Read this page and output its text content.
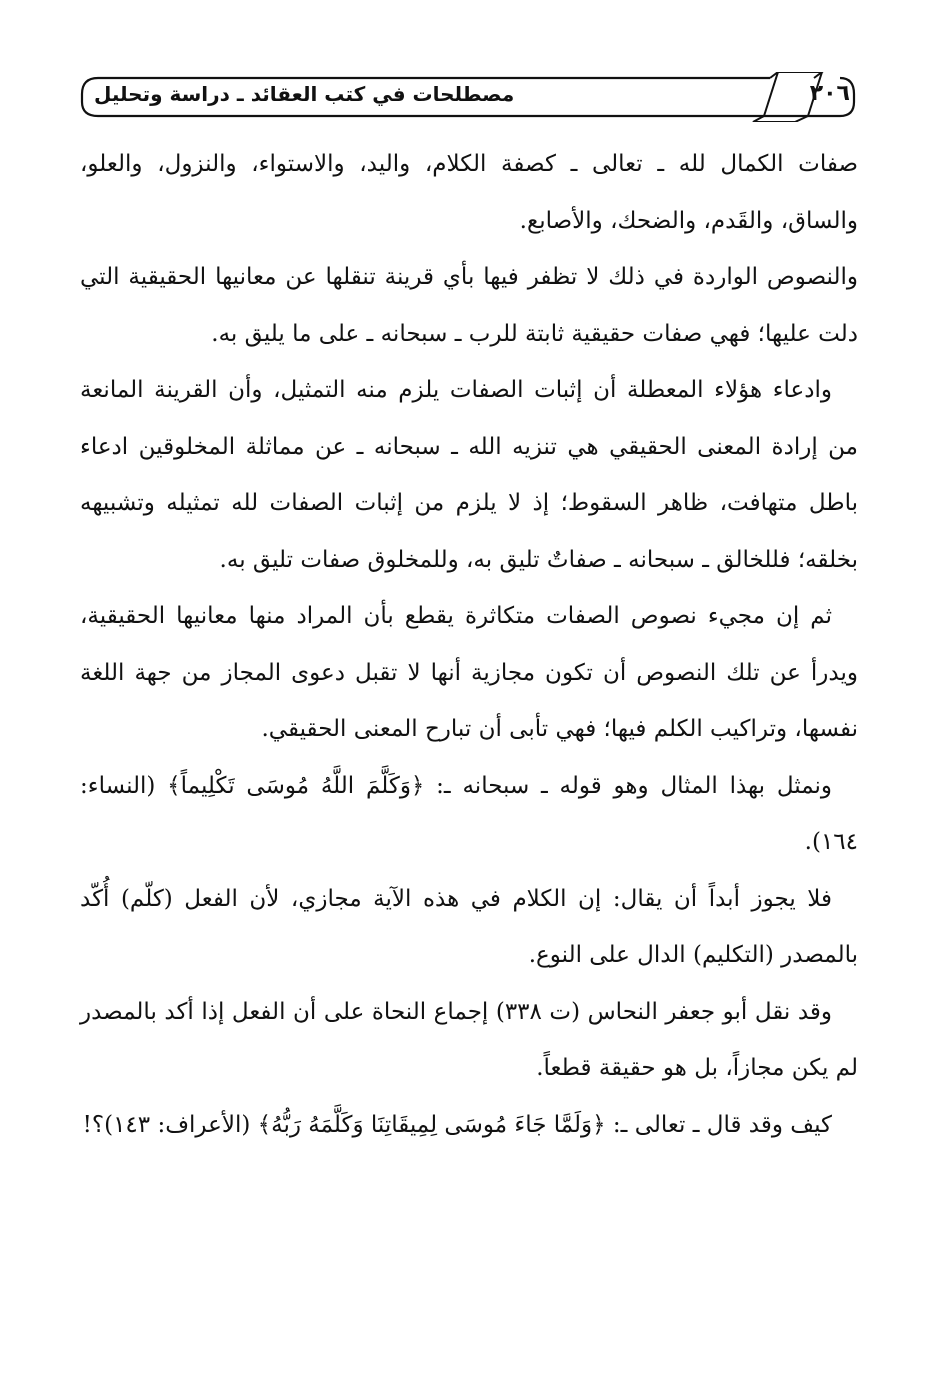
مصطلحات في كتب العقائد ـ دراسة وتحليل	٢٠٦

صفات الكمال لله ـ تعالى ـ كصفة الكلام، واليد، والاستواء، والنزول، والعلو، والساق، والقَدم، والضحك، والأصابع.

والنصوص الواردة في ذلك لا تظفر فيها بأي قرينة تنقلها عن معانيها الحقيقية التي دلت عليها؛ فهي صفات حقيقية ثابتة للرب ـ سبحانه ـ على ما يليق به.

وادعاء هؤلاء المعطلة أن إثبات الصفات يلزم منه التمثيل، وأن القرينة المانعة من إرادة المعنى الحقيقي هي تنزيه الله ـ سبحانه ـ عن مماثلة المخلوقين ادعاء باطل متهافت، ظاهر السقوط؛ إذ لا يلزم من إثبات الصفات لله تمثيله وتشبيهه بخلقه؛ فللخالق ـ سبحانه ـ صفاتٌ تليق به، وللمخلوق صفات تليق به.

ثم إن مجيء نصوص الصفات متكاثرة يقطع بأن المراد منها معانيها الحقيقية، ويدرأ عن تلك النصوص أن تكون مجازية أنها لا تقبل دعوى المجاز من جهة اللغة نفسها، وتراكيب الكلم فيها؛ فهي تأبى أن تبارح المعنى الحقيقي.

ونمثل بهذا المثال وهو قوله ـ سبحانه ـ: ﴿وَكَلَّمَ اللَّهُ مُوسَى تَكْلِيماً﴾ (النساء: ١٦٤).

فلا يجوز أبداً أن يقال: إن الكلام في هذه الآية مجازي، لأن الفعل (كلّم) أُكّد بالمصدر (التكليم) الدال على النوع.

وقد نقل أبو جعفر النحاس (ت ٣٣٨) إجماع النحاة على أن الفعل إذا أكد بالمصدر لم يكن مجازاً، بل هو حقيقة قطعاً.

كيف وقد قال ـ تعالى ـ: ﴿وَلَمَّا جَاءَ مُوسَى لِمِيقَاتِنَا وَكَلَّمَهُ رَبُّهُ﴾ (الأعراف: ١٤٣)؟!
